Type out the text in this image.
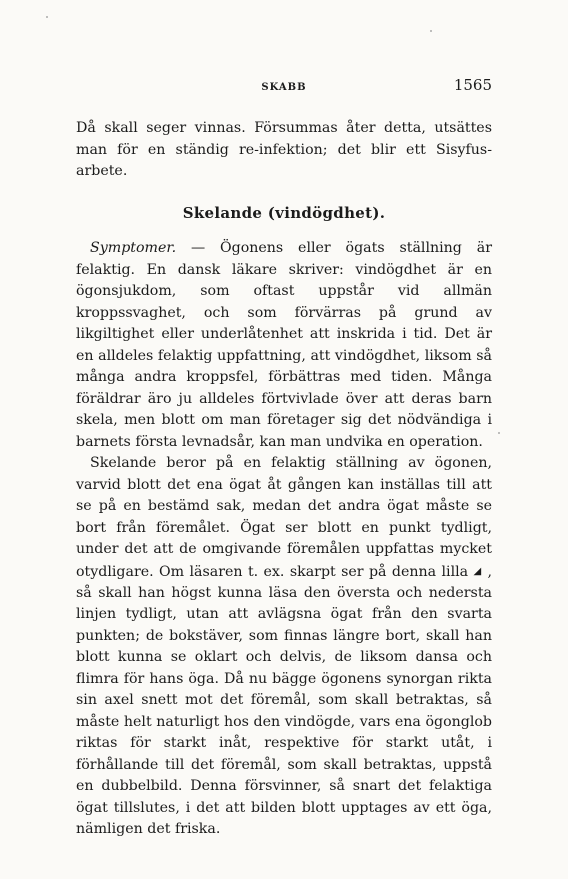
SKABB	1565

Då skall seger vinnas. Försummas åter detta, utsättes man för en ständig re-infektion; det blir ett Sisyfus-arbete.

Skelande (vindögdhet).

Symptomer. — Ögonens eller ögats ställning är felaktig. En dansk läkare skriver: vindögdhet är en ögonsjukdom, som oftast uppstår vid allmän kroppssvaghet, och som förvärras på grund av likgiltighet eller underlåtenhet att inskrida i tid. Det är en alldeles felaktig uppfattning, att vindögdhet, liksom så många andra kroppsfel, förbättras med tiden. Många föräldrar äro ju alldeles förtvivlade över att deras barn skela, men blott om man företager sig det nödvändiga i barnets första levnadsår, kan man undvika en operation.

Skelande beror på en felaktig ställning av ögonen, varvid blott det ena ögat åt gången kan inställas till att se på en bestämd sak, medan det andra ögat måste se bort från föremålet. Ögat ser blott en punkt tydligt, under det att de omgivande föremålen uppfattas mycket otydligare. Om läsaren t. ex. skarpt ser på denna lilla ◢ , så skall han högst kunna läsa den översta och nedersta linjen tydligt, utan att avlägsna ögat från den svarta punkten; de bokstäver, som finnas längre bort, skall han blott kunna se oklart och delvis, de liksom dansa och flimra för hans öga. Då nu bägge ögonens synorgan rikta sin axel snett mot det föremål, som skall betraktas, så måste helt naturligt hos den vindögde, vars ena ögonglob riktas för starkt inåt, respektive för starkt utåt, i förhållande till det föremål, som skall betraktas, uppstå en dubbelbild. Denna försvinner, så snart det felaktiga ögat tillslutes, i det att bilden blott upptages av ett öga, nämligen det friska.
